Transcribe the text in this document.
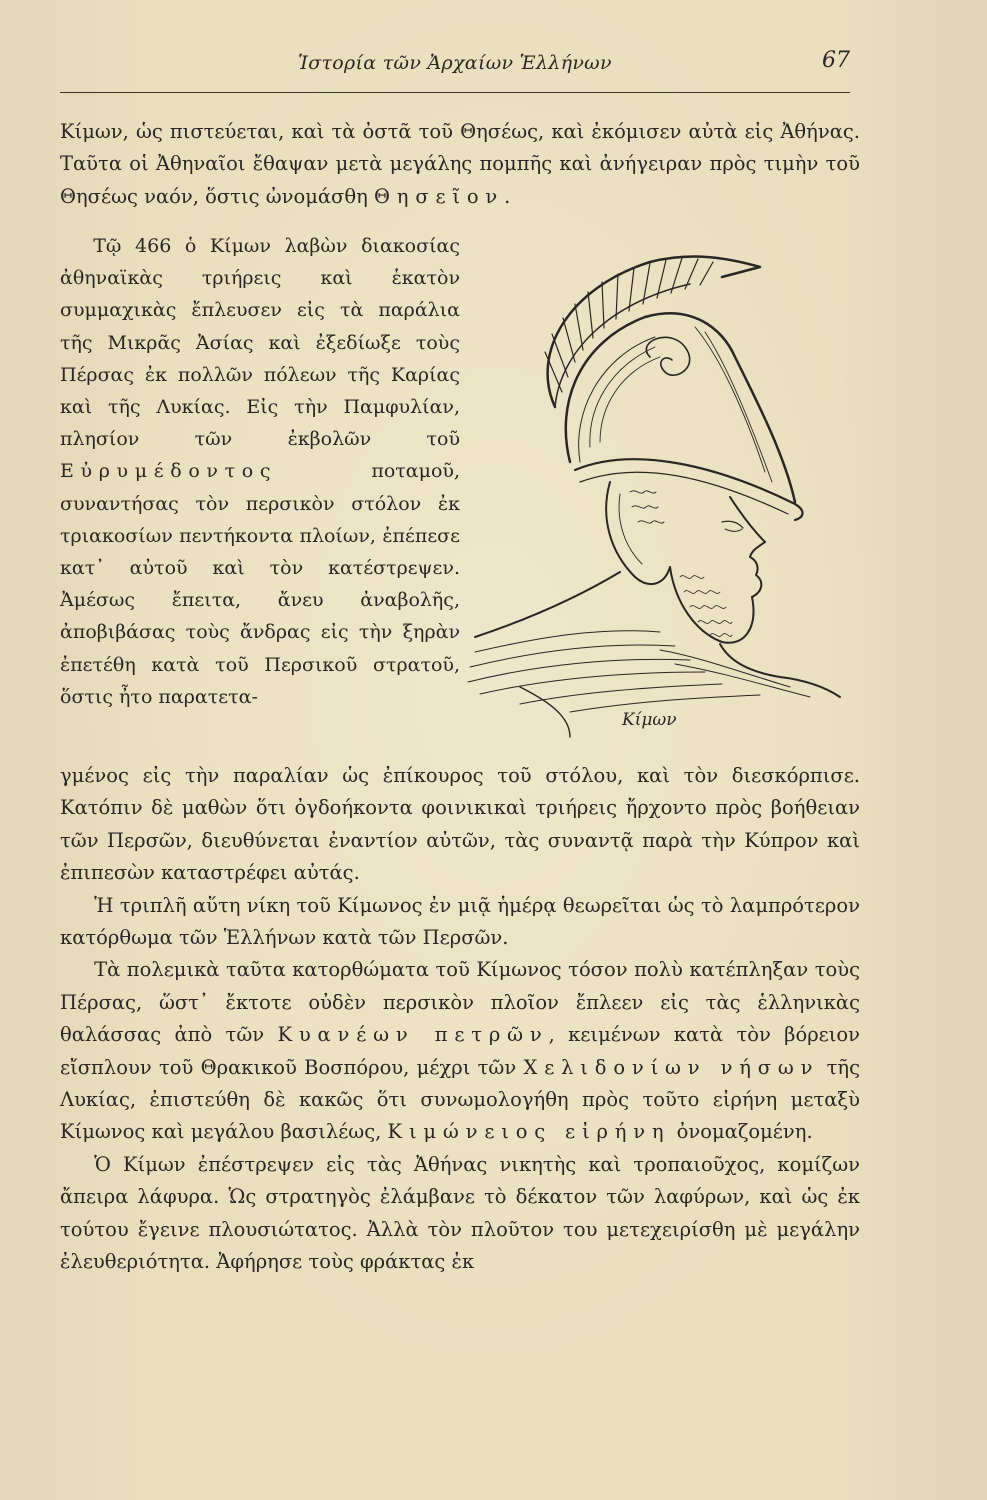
Ἱστορία τῶν Ἀρχαίων Ἑλλήνων	67

Κίμων, ὡς πιστεύεται, καὶ τὰ ὀστᾶ τοῦ Θησέως, καὶ ἐκόμισεν αὐτὰ εἰς Ἀθήνας. Ταῦτα οἱ Ἀθηναῖοι ἔθαψαν μετὰ μεγάλης πομπῆς καὶ ἀνήγειραν πρὸς τιμὴν τοῦ Θησέως ναόν, ὅστις ὠνομάσθη Θησεῖον.

Τῷ 466 ὁ Κίμων λαβὼν διακοσίας ἀθηναϊκὰς τριήρεις καὶ ἑκατὸν συμμαχικὰς ἔπλευσεν εἰς τὰ παράλια τῆς Μικρᾶς Ἀσίας καὶ ἐξεδίωξε τοὺς Πέρσας ἐκ πολλῶν πόλεων τῆς Καρίας καὶ τῆς Λυκίας. Εἰς τὴν Παμφυλίαν, πλησίον τῶν ἐκβολῶν τοῦ Εὐρυμέδοντος	ποταμοῦ, συναντήσας τὸν περσικὸν στόλον ἐκ τριακοσίων πεντήκοντα πλοίων, ἐπέπεσε κατ᾽ αὐτοῦ καὶ τὸν κατέστρεψεν. Ἀμέσως ἔπειτα, ἄνευ ἀναβολῆς, ἀποβιβάσας τοὺς ἄνδρας εἰς τὴν ξηρὰν ἐπετέθη κατὰ τοῦ Περσικοῦ στρατοῦ, ὅστις ἦτο παρατετα-

Κίμων

γμένος εἰς τὴν παραλίαν ὡς ἐπίκουρος τοῦ στόλου, καὶ τὸν διεσκόρπισε. Κατόπιν δὲ μαθὼν ὅτι ὀγδοήκοντα φοινικικαὶ τριήρεις ἤρχοντο πρὸς βοήθειαν τῶν Περσῶν, διευθύνεται ἐναντίον αὐτῶν, τὰς συναντᾷ παρὰ τὴν Κύπρον καὶ ἐπιπεσὼν καταστρέφει αὐτάς.

Ἡ τριπλῆ αὕτη νίκη τοῦ Κίμωνος ἐν μιᾷ ἡμέρᾳ θεωρεῖται ὡς τὸ λαμπρότερον κατόρθωμα τῶν Ἑλλήνων κατὰ τῶν Περσῶν.

Τὰ πολεμικὰ ταῦτα κατορθώματα τοῦ Κίμωνος τόσον πολὺ κατέπληξαν τοὺς Πέρσας, ὥστ᾽ ἔκτοτε οὐδὲν περσικὸν πλοῖον ἔπλεεν εἰς τὰς ἑλληνικὰς θαλάσσας ἀπὸ τῶν Κυανέων πετρῶν, κειμένων κατὰ τὸν βόρειον εἴσπλουν τοῦ Θρακικοῦ Βοσπόρου, μέχρι τῶν Χελιδονίων νήσων τῆς Λυκίας, ἐπιστεύθη δὲ κακῶς ὅτι συνωμολογήθη πρὸς τοῦτο εἰρήνη μεταξὺ Κίμωνος καὶ μεγάλου βασιλέως, Κιμώνειος εἰρήνη ὀνομαζομένη.

Ὁ Κίμων ἐπέστρεψεν εἰς τὰς Ἀθήνας νικητὴς καὶ τροπαιοῦχος, κομίζων ἄπειρα λάφυρα. Ὡς στρατηγὸς ἐλάμβανε τὸ δέκατον τῶν λαφύρων, καὶ ὡς ἐκ τούτου ἔγεινε πλουσιώτατος. Ἀλλὰ τὸν πλοῦτον του μετεχειρίσθη μὲ μεγάλην ἐλευθεριότητα. Ἀφήρησε τοὺς φράκτας ἐκ
